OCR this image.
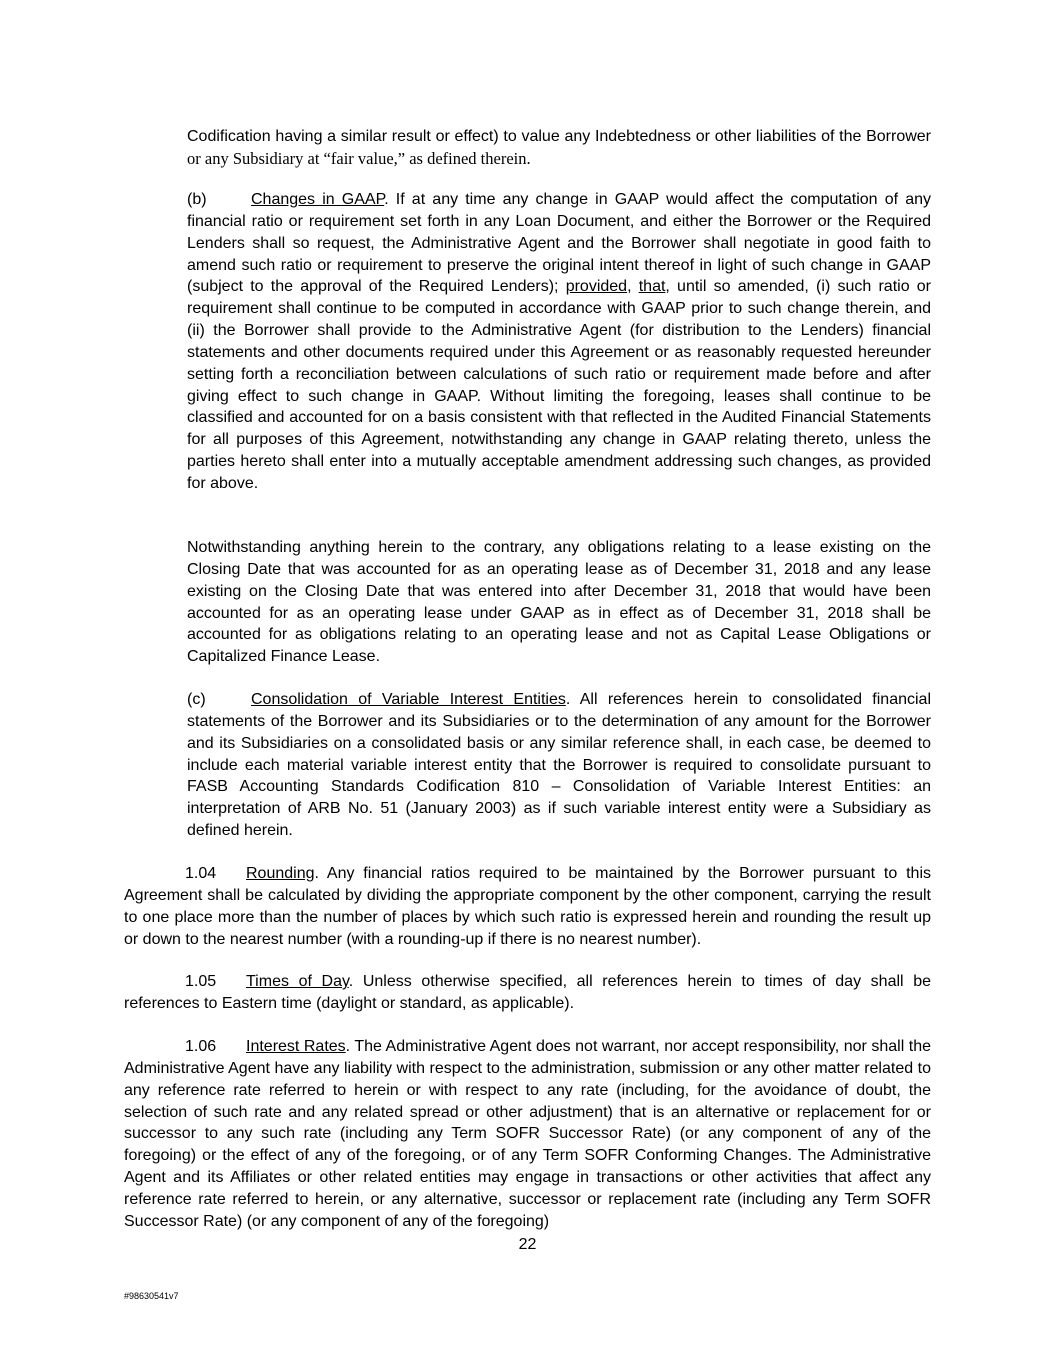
Codification having a similar result or effect) to value any Indebtedness or other liabilities of the Borrower or any Subsidiary at “fair value,” as defined therein.

(b)	Changes in GAAP. If at any time any change in GAAP would affect the computation of any financial ratio or requirement set forth in any Loan Document, and either the Borrower or the Required Lenders shall so request, the Administrative Agent and the Borrower shall negotiate in good faith to amend such ratio or requirement to preserve the original intent thereof in light of such change in GAAP (subject to the approval of the Required Lenders); provided, that, until so amended, (i) such ratio or requirement shall continue to be computed in accordance with GAAP prior to such change therein, and (ii) the Borrower shall provide to the Administrative Agent (for distribution to the Lenders) financial statements and other documents required under this Agreement or as reasonably requested hereunder setting forth a reconciliation between calculations of such ratio or requirement made before and after giving effect to such change in GAAP. Without limiting the foregoing, leases shall continue to be classified and accounted for on a basis consistent with that reflected in the Audited Financial Statements for all purposes of this Agreement, notwithstanding any change in GAAP relating thereto, unless the parties hereto shall enter into a mutually acceptable amendment addressing such changes, as provided for above.

Notwithstanding anything herein to the contrary, any obligations relating to a lease existing on the Closing Date that was accounted for as an operating lease as of December 31, 2018 and any lease existing on the Closing Date that was entered into after December 31, 2018 that would have been accounted for as an operating lease under GAAP as in effect as of December 31, 2018 shall be accounted for as obligations relating to an operating lease and not as Capital Lease Obligations or Capitalized Finance Lease.

(c)	Consolidation of Variable Interest Entities. All references herein to consolidated financial statements of the Borrower and its Subsidiaries or to the determination of any amount for the Borrower and its Subsidiaries on a consolidated basis or any similar reference shall, in each case, be deemed to include each material variable interest entity that the Borrower is required to consolidate pursuant to FASB Accounting Standards Codification 810 – Consolidation of Variable Interest Entities: an interpretation of ARB No. 51 (January 2003) as if such variable interest entity were a Subsidiary as defined herein.

1.04 Rounding. Any financial ratios required to be maintained by the Borrower pursuant to this Agreement shall be calculated by dividing the appropriate component by the other component, carrying the result to one place more than the number of places by which such ratio is expressed herein and rounding the result up or down to the nearest number (with a rounding-up if there is no nearest number).

1.05 Times of Day. Unless otherwise specified, all references herein to times of day shall be references to Eastern time (daylight or standard, as applicable).

1.06 Interest Rates. The Administrative Agent does not warrant, nor accept responsibility, nor shall the Administrative Agent have any liability with respect to the administration, submission or any other matter related to any reference rate referred to herein or with respect to any rate (including, for the avoidance of doubt, the selection of such rate and any related spread or other adjustment) that is an alternative or replacement for or successor to any such rate (including any Term SOFR Successor Rate) (or any component of any of the foregoing) or the effect of any of the foregoing, or of any Term SOFR Conforming Changes. The Administrative Agent and its Affiliates or other related entities may engage in transactions or other activities that affect any reference rate referred to herein, or any alternative, successor or replacement rate (including any Term SOFR Successor Rate) (or any component of any of the foregoing)

22
#98630541v7
